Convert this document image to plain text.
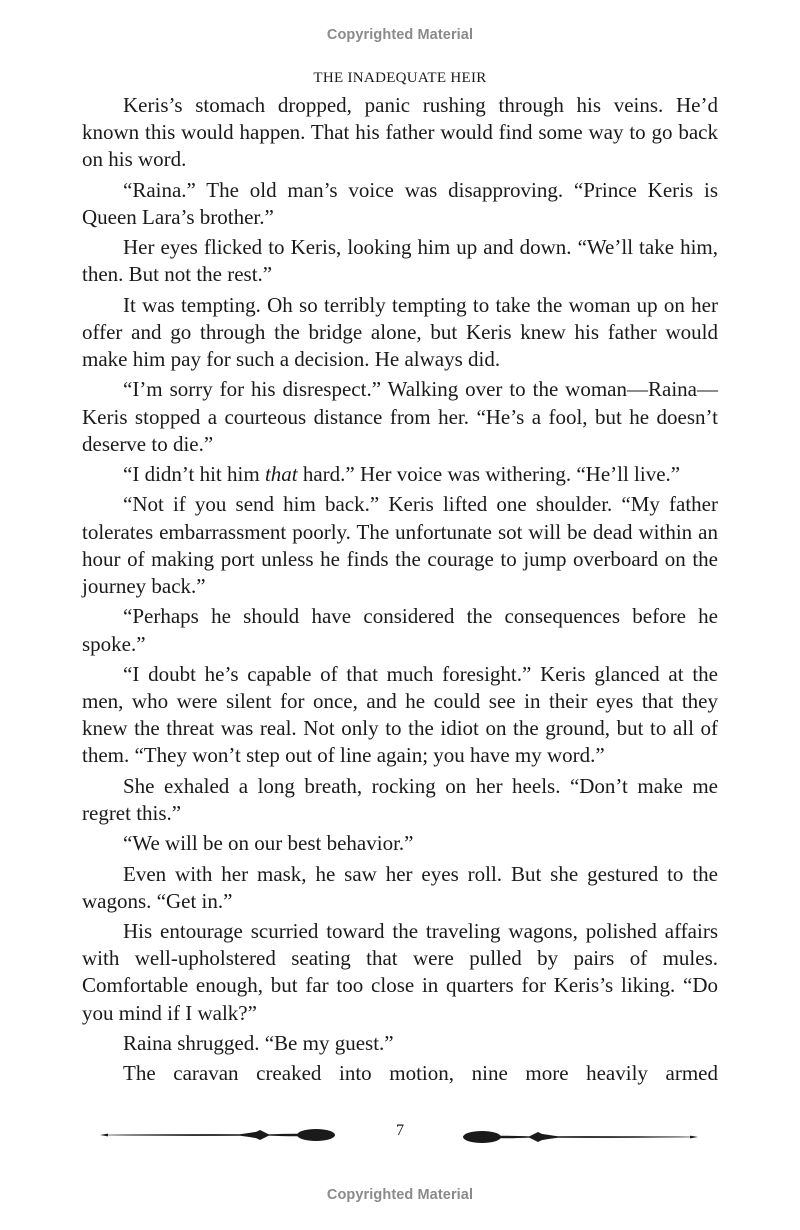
Copyrighted Material
THE INADEQUATE HEIR

Keris’s stomach dropped, panic rushing through his veins. He’d known this would happen. That his father would find some way to go back on his word.

“Raina.” The old man’s voice was disapproving. “Prince Keris is Queen Lara’s brother.”

Her eyes flicked to Keris, looking him up and down. “We’ll take him, then. But not the rest.”

It was tempting. Oh so terribly tempting to take the woman up on her offer and go through the bridge alone, but Keris knew his father would make him pay for such a decision. He always did.

“I’m sorry for his disrespect.” Walking over to the woman—Raina—Keris stopped a courteous distance from her. “He’s a fool, but he doesn’t deserve to die.”

“I didn’t hit him that hard.” Her voice was withering. “He’ll live.”

“Not if you send him back.” Keris lifted one shoulder. “My father tolerates embarrassment poorly. The unfortunate sot will be dead within an hour of making port unless he finds the courage to jump overboard on the journey back.”

“Perhaps he should have considered the consequences before he spoke.”

“I doubt he’s capable of that much foresight.” Keris glanced at the men, who were silent for once, and he could see in their eyes that they knew the threat was real. Not only to the idiot on the ground, but to all of them. “They won’t step out of line again; you have my word.”

She exhaled a long breath, rocking on her heels. “Don’t make me regret this.”

“We will be on our best behavior.”

Even with her mask, he saw her eyes roll. But she gestured to the wagons. “Get in.”

His entourage scurried toward the traveling wagons, polished affairs with well-upholstered seating that were pulled by pairs of mules. Comfortable enough, but far too close in quarters for Keris’s liking. “Do you mind if I walk?”

Raina shrugged. “Be my guest.”

The caravan creaked into motion, nine more heavily armed

7
Copyrighted Material
